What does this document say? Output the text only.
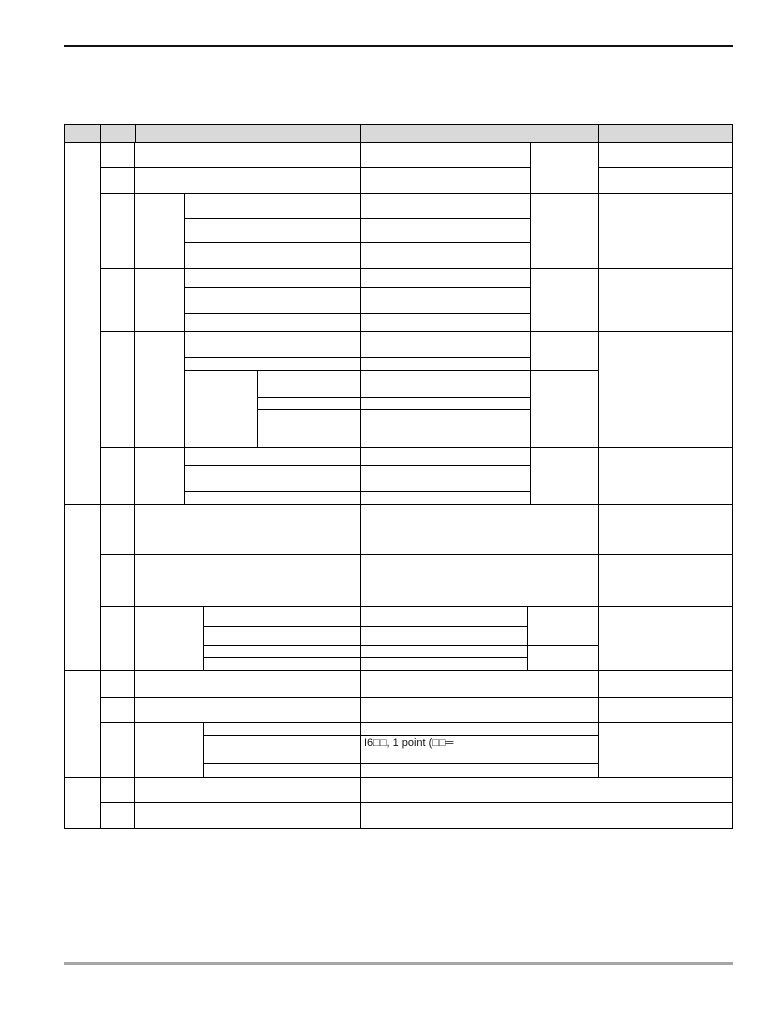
I6□□, 1 point (□□═
